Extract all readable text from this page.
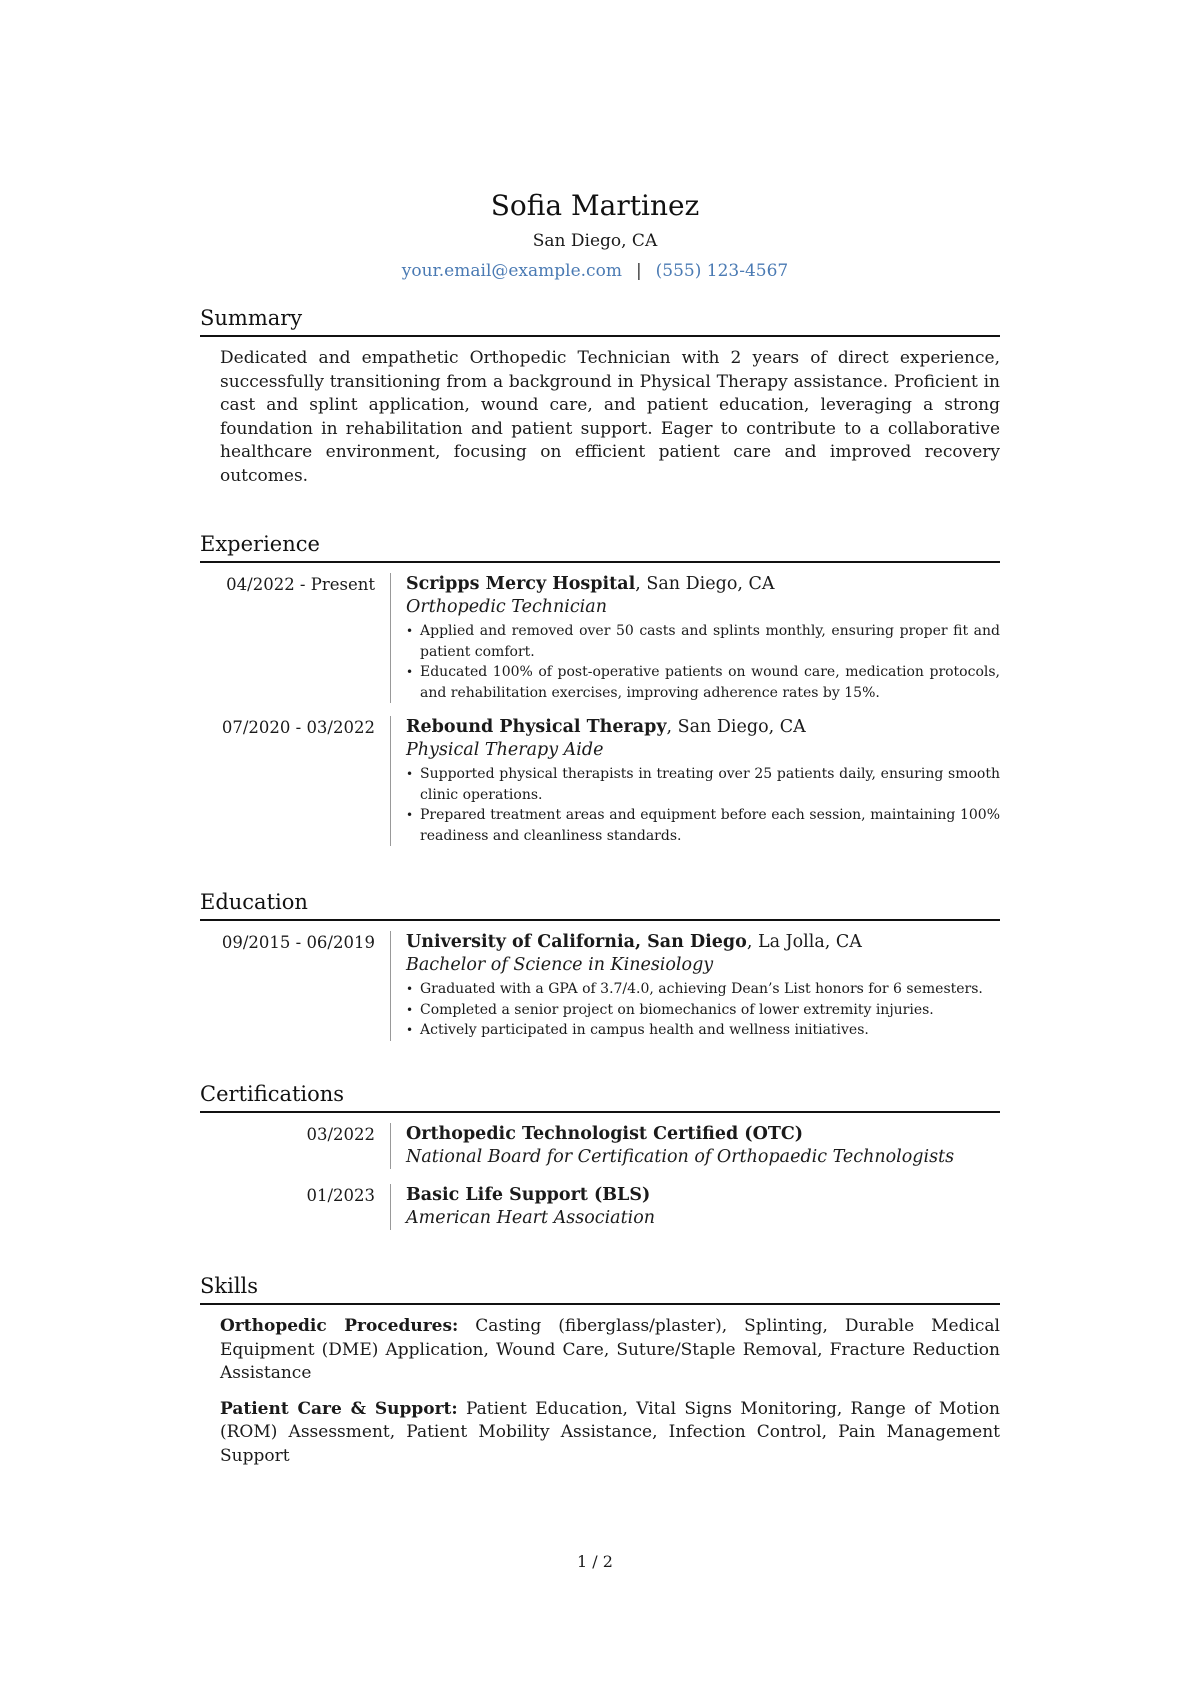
Sofia Martinez
San Diego, CA
your.email@example.com | (555) 123-4567
Summary

Dedicated and empathetic Orthopedic Technician with 2 years of direct experience, successfully transitioning from a background in Physical Therapy assistance. Proficient in cast and splint application, wound care, and patient education, leveraging a strong foundation in rehabilitation and patient support. Eager to contribute to a collaborative healthcare environment, focusing on efficient patient care and improved recovery outcomes.

Experience
04/2022 - Present	Scripps Mercy Hospital, San Diego, CA
Orthopedic Technician
• Applied and removed over 50 casts and splints monthly, ensuring proper fit and patient comfort.
• Educated 100% of post-operative patients on wound care, medication protocols, and rehabilitation exercises, improving adherence rates by 15%.
07/2020 - 03/2022	Rebound Physical Therapy, San Diego, CA
Physical Therapy Aide
• Supported physical therapists in treating over 25 patients daily, ensuring smooth clinic operations.
• Prepared treatment areas and equipment before each session, maintaining 100% readiness and cleanliness standards.
Education
09/2015 - 06/2019	University of California, San Diego, La Jolla, CA
Bachelor of Science in Kinesiology
• Graduated with a GPA of 3.7/4.0, achieving Dean’s List honors for 6 semesters.
• Completed a senior project on biomechanics of lower extremity injuries.
• Actively participated in campus health and wellness initiatives.
Certifications
03/2022	Orthopedic Technologist Certified (OTC)
National Board for Certification of Orthopaedic Technologists
01/2023	Basic Life Support (BLS)
American Heart Association
Skills

Orthopedic Procedures: Casting (fiberglass/plaster), Splinting, Durable Medical Equipment (DME) Application, Wound Care, Suture/Staple Removal, Fracture Reduction Assistance

Patient Care & Support: Patient Education, Vital Signs Monitoring, Range of Motion (ROM) Assessment, Patient Mobility Assistance, Infection Control, Pain Management Support

1 / 2
